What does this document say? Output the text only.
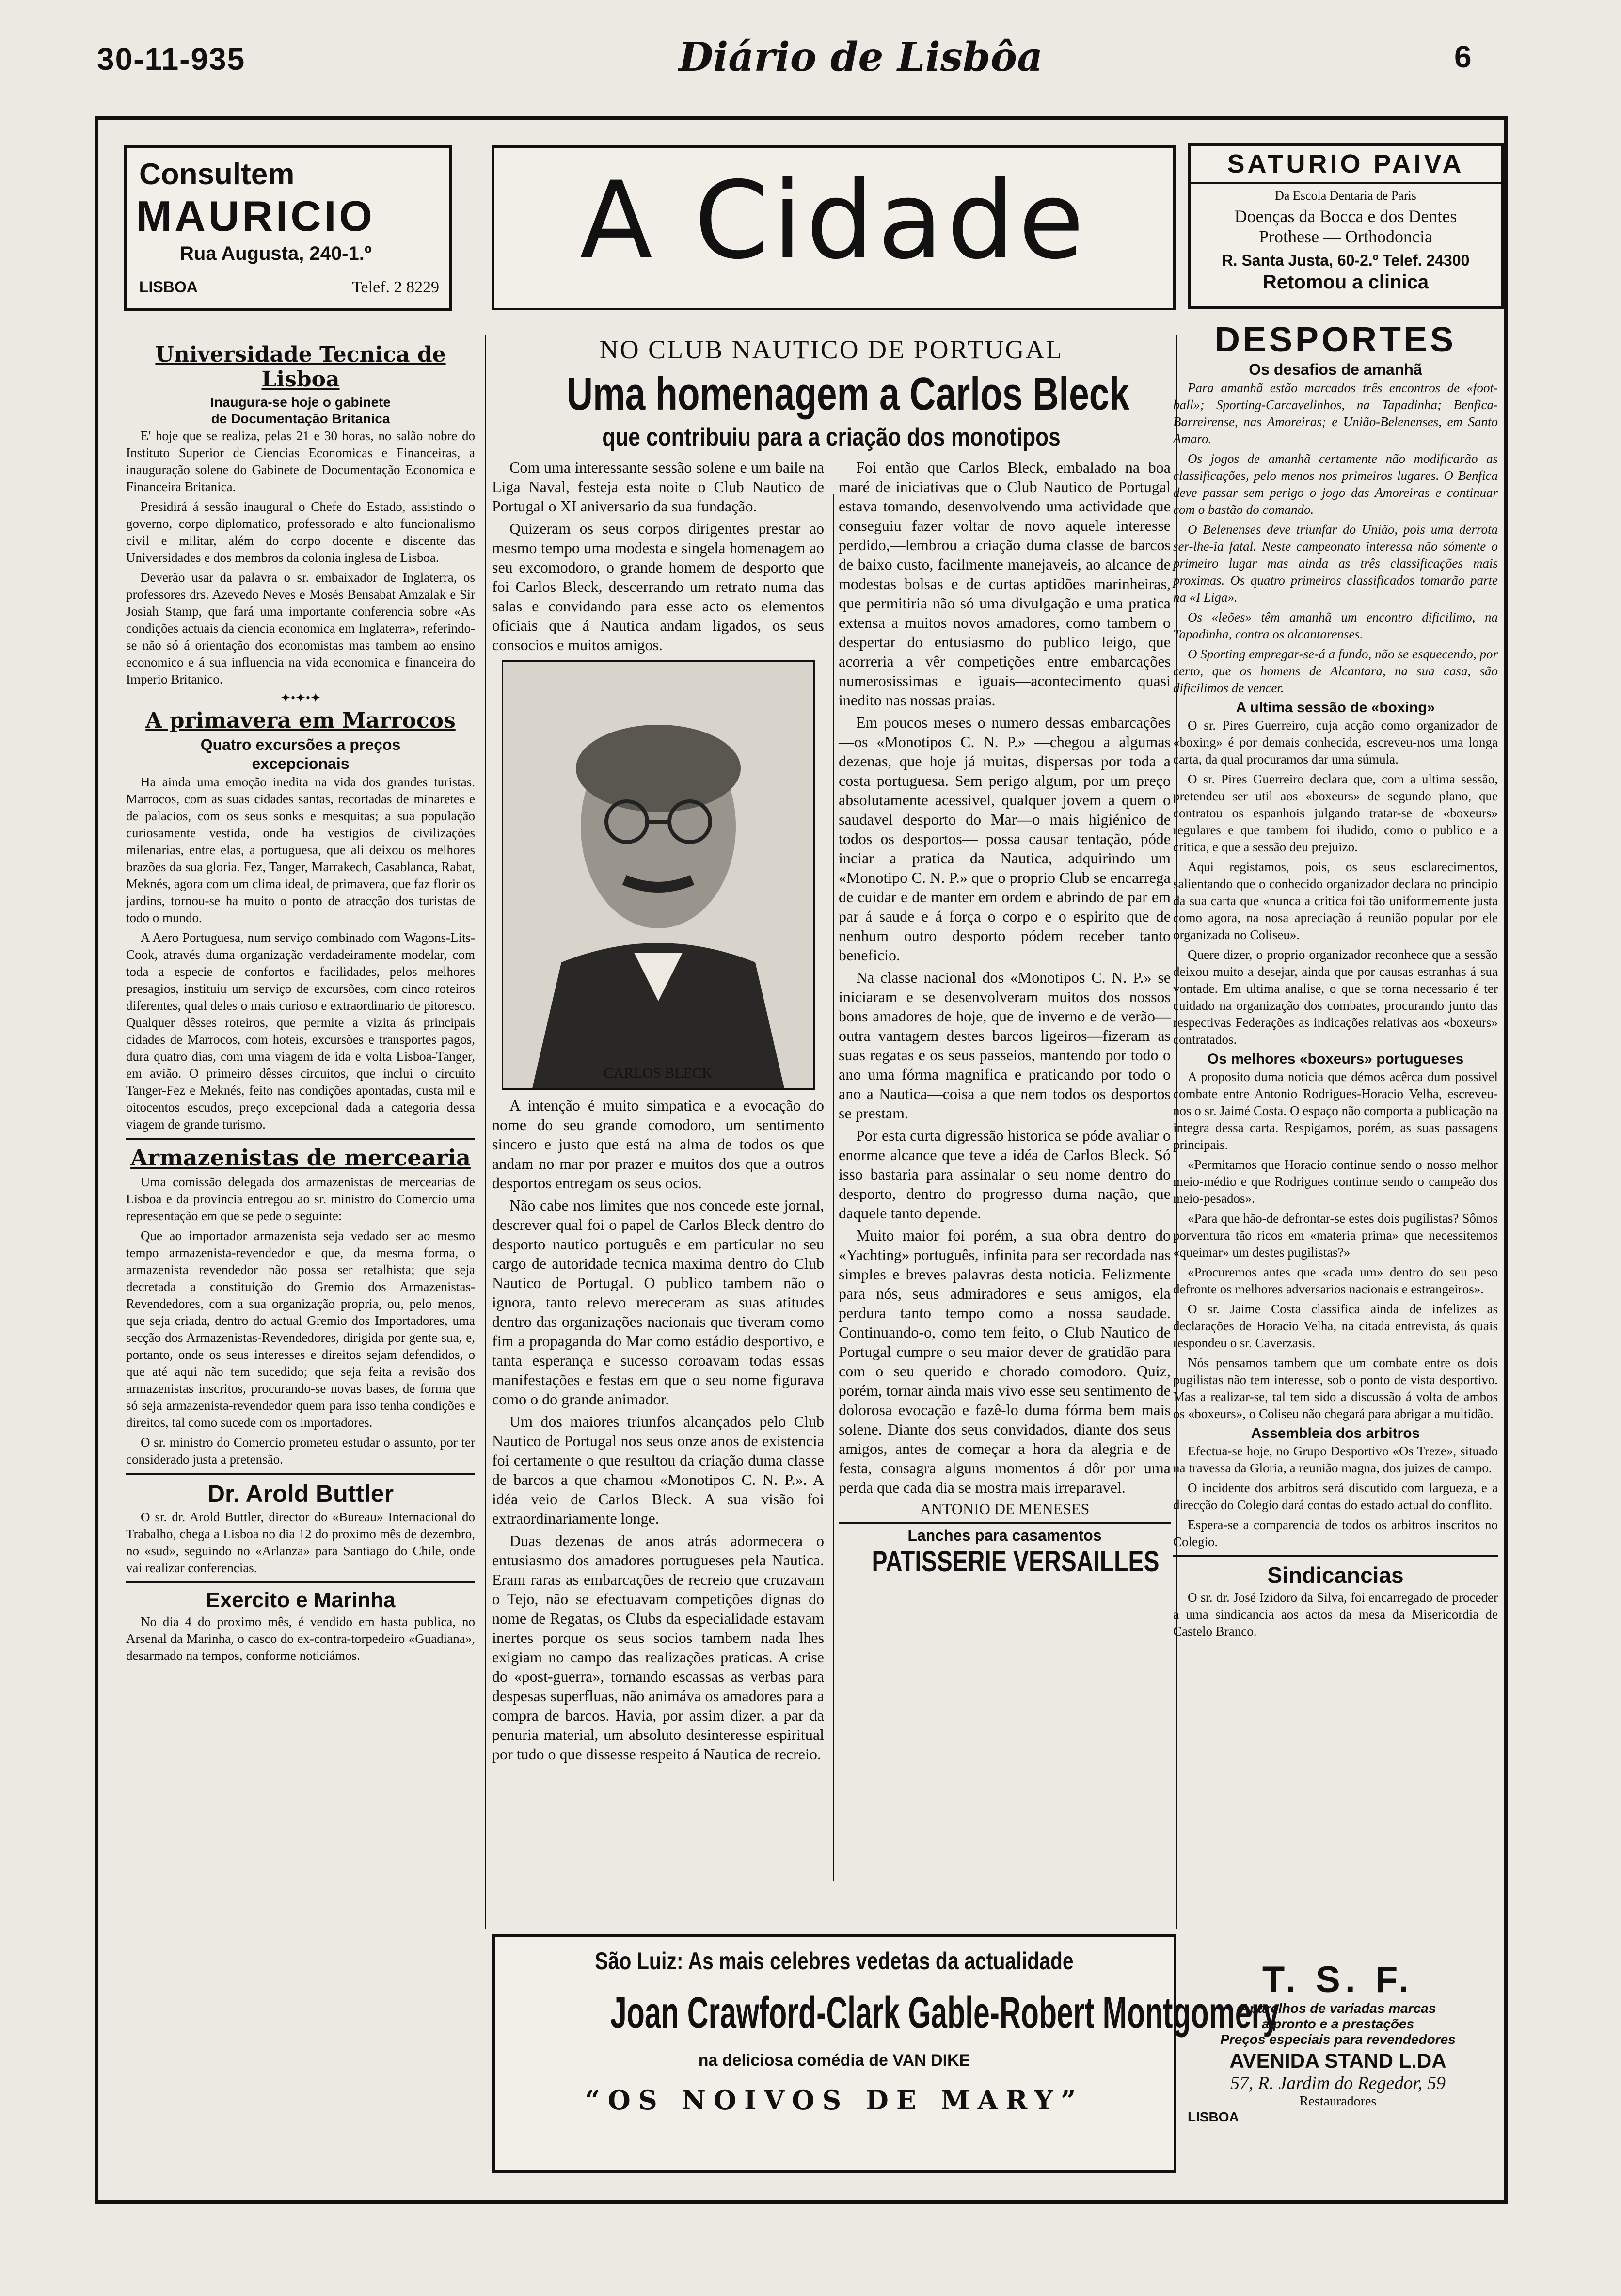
30-11-935	Diário de Lisbôa	6
Consultem
MAURICIO
Rua Augusta, 240-1.º
LISBOA	Telef. 2 8229
A Cidade	SATURIO PAIVA
Da Escola Dentaria de Paris
Doenças da Bocca e dos Dentes
Prothese — Orthodoncia
R. Santa Justa, 60-2.º Telef. 24300
Retomou a clinica
Universidade Tecnica de Lisboa
Inaugura-se hoje o gabinete
de Documentação Britanica

E' hoje que se realiza, pelas 21 e 30 horas, no salão nobre do Instituto Superior de Ciencias Economicas e Financeiras, a inauguração solene do Gabinete de Documentação Economica e Financeira Britanica.

Presidirá á sessão inaugural o Chefe do Estado, assistindo o governo, corpo diplomatico, professorado e alto funcionalismo civil e militar, além do corpo docente e discente das Universidades e dos membros da colonia inglesa de Lisboa.

Deverão usar da palavra o sr. embaixador de Inglaterra, os professores drs. Azevedo Neves e Mosés Bensabat Amzalak e Sir Josiah Stamp, que fará uma importante conferencia sobre «As condições actuais da ciencia economica em Inglaterra», referindo-se não só á orientação dos economistas mas tambem ao ensino economico e á sua influencia na vida economica e financeira do Imperio Britanico.

✦•✦•✦
A primavera em Marrocos
Quatro excursões a preços
excepcionais

Ha ainda uma emoção inedita na vida dos grandes turistas. Marrocos, com as suas cidades santas, recortadas de minaretes e de palacios, com os seus sonks e mesquitas; a sua população curiosamente vestida, onde ha vestigios de civilizações milenarias, entre elas, a portuguesa, que ali deixou os melhores brazões da sua gloria. Fez, Tanger, Marrakech, Casablanca, Rabat, Meknés, agora com um clima ideal, de primavera, que faz florir os jardins, tornou-se ha muito o ponto de atracção dos turistas de todo o mundo.

A Aero Portuguesa, num serviço combinado com Wagons-Lits-Cook, através duma organização verdadeiramente modelar, com toda a especie de confortos e facilidades, pelos melhores presagios, instituiu um serviço de excursões, com cinco roteiros diferentes, qual deles o mais curioso e extraordinario de pitoresco. Qualquer dêsses roteiros, que permite a vizita ás principais cidades de Marrocos, com hoteis, excursões e transportes pagos, dura quatro dias, com uma viagem de ida e volta Lisboa-Tanger, em avião. O primeiro dêsses circuitos, que inclui o circuito Tanger-Fez e Meknés, feito nas condições apontadas, custa mil e oitocentos escudos, preço excepcional dada a categoria dessa viagem de grande turismo.

Armazenistas de mercearia

Uma comissão delegada dos armazenistas de mercearias de Lisboa e da provincia entregou ao sr. ministro do Comercio uma representação em que se pede o seguinte:

Que ao importador armazenista seja vedado ser ao mesmo tempo armazenista-revendedor e que, da mesma forma, o armazenista revendedor não possa ser retalhista; que seja decretada a constituição do Gremio dos Armazenistas-Revendedores, com a sua organização propria, ou, pelo menos, que seja criada, dentro do actual Gremio dos Importadores, uma secção dos Armazenistas-Revendedores, dirigida por gente sua, e, portanto, onde os seus interesses e direitos sejam defendidos, o que até aqui não tem sucedido; que seja feita a revisão dos armazenistas inscritos, procurando-se novas bases, de forma que só seja armazenista-revendedor quem para isso tenha condições e direitos, tal como sucede com os importadores.

O sr. ministro do Comercio prometeu estudar o assunto, por ter considerado justa a pretensão.

Dr. Arold Buttler

O sr. dr. Arold Buttler, director do «Bureau» Internacional do Trabalho, chega a Lisboa no dia 12 do proximo mês de dezembro, no «sud», seguindo no «Arlanza» para Santiago do Chile, onde vai realizar conferencias.

Exercito e Marinha

No dia 4 do proximo mês, é vendido em hasta publica, no Arsenal da Marinha, o casco do ex-contra-torpedeiro «Guadiana», desarmado na tempos, conforme noticiámos.

NO CLUB NAUTICO DE PORTUGAL
Uma homenagem a Carlos Bleck
que contribuiu para a criação dos monotipos

Com uma interessante sessão solene e um baile na Liga Naval, festeja esta noite o Club Nautico de Portugal o XI aniversario da sua fundação.

Quizeram os seus corpos dirigentes prestar ao mesmo tempo uma modesta e singela homenagem ao seu excomodoro, o grande homem de desporto que foi Carlos Bleck, descerrando um retrato numa das salas e convidando para esse acto os elementos oficiais que á Nautica andam ligados, os seus consocios e muitos amigos.

CARLOS BLECK

A intenção é muito simpatica e a evocação do nome do seu grande comodoro, um sentimento sincero e justo que está na alma de todos os que andam no mar por prazer e muitos dos que a outros desportos entregam os seus ocios.

Não cabe nos limites que nos concede este jornal, descrever qual foi o papel de Carlos Bleck dentro do desporto nautico português e em particular no seu cargo de autoridade tecnica maxima dentro do Club Nautico de Portugal. O publico tambem não o ignora, tanto relevo mereceram as suas atitudes dentro das organizações nacionais que tiveram como fim a propaganda do Mar como estádio desportivo, e tanta esperança e sucesso coroavam todas essas manifestações e festas em que o seu nome figurava como o do grande animador.

Um dos maiores triunfos alcançados pelo Club Nautico de Portugal nos seus onze anos de existencia foi certamente o que resultou da criação duma classe de barcos a que chamou «Monotipos C. N. P.». A idéa veio de Carlos Bleck. A sua visão foi extraordinariamente longe.

Duas dezenas de anos atrás adormecera o entusiasmo dos amadores portugueses pela Nautica. Eram raras as embarcações de recreio que cruzavam o Tejo, não se efectuavam competições dignas do nome de Regatas, os Clubs da especialidade estavam inertes porque os seus socios tambem nada lhes exigiam no campo das realizações praticas. A crise do «post-guerra», tornando escassas as verbas para despesas superfluas, não animáva os amadores para a compra de barcos. Havia, por assim dizer, a par da penuria material, um absoluto desinteresse espiritual por tudo o que dissesse respeito á Nautica de recreio.

Foi então que Carlos Bleck, embalado na boa maré de iniciativas que o Club Nautico de Portugal estava tomando, desenvolvendo uma actividade que conseguiu fazer voltar de novo aquele interesse perdido,—lembrou a criação duma classe de barcos de baixo custo, facilmente manejaveis, ao alcance de modestas bolsas e de curtas aptidões marinheiras, que permitiria não só uma divulgação e uma pratica extensa a muitos novos amadores, como tambem o despertar do entusiasmo do publico leigo, que acorreria a vêr competições entre embarcações numerosissimas e iguais—acontecimento quasi inedito nas nossas praias.

Em poucos meses o numero dessas embarcações—os «Monotipos C. N. P.» —chegou a algumas dezenas, que hoje já muitas, dispersas por toda a costa portuguesa. Sem perigo algum, por um preço absolutamente acessivel, qualquer jovem a quem o saudavel desporto do Mar—o mais higiénico de todos os desportos— possa causar tentação, póde inciar a pratica da Nautica, adquirindo um «Monotipo C. N. P.» que o proprio Club se encarrega de cuidar e de manter em ordem e abrindo de par em par á saude e á força o corpo e o espirito que de nenhum outro desporto pódem receber tanto beneficio.

Na classe nacional dos «Monotipos C. N. P.» se iniciaram e se desenvolveram muitos dos nossos bons amadores de hoje, que de inverno e de verão—outra vantagem destes barcos ligeiros—fizeram as suas regatas e os seus passeios, mantendo por todo o ano uma fórma magnifica e praticando por todo o ano a Nautica—coisa a que nem todos os desportos se prestam.

Por esta curta digressão historica se póde avaliar o enorme alcance que teve a idéa de Carlos Bleck. Só isso bastaria para assinalar o seu nome dentro do desporto, dentro do progresso duma nação, que daquele tanto depende.

Muito maior foi porém, a sua obra dentro do «Yachting» português, infinita para ser recordada nas simples e breves palavras desta noticia. Felizmente para nós, seus admiradores e seus amigos, ela perdura tanto tempo como a nossa saudade. Continuando-o, como tem feito, o Club Nautico de Portugal cumpre o seu maior dever de gratidão para com o seu querido e chorado comodoro. Quiz, porém, tornar ainda mais vivo esse seu sentimento de dolorosa evocação e fazê-lo duma fórma bem mais solene. Diante dos seus convidados, diante dos seus amigos, antes de começar a hora da alegria e de festa, consagra alguns momentos á dôr por uma perda que cada dia se mostra mais irreparavel.

ANTONIO DE MENESES
Lanches para casamentos
PATISSERIE VERSAILLES
DESPORTES
Os desafios de amanhã

Para amanhã estão marcados três encontros de «foot-ball»; Sporting-Carcavelinhos, na Tapadinha; Benfica-Barreirense, nas Amoreiras; e União-Belenenses, em Santo Amaro.

Os jogos de amanhã certamente não modificarão as classificações, pelo menos nos primeiros lugares. O Benfica deve passar sem perigo o jogo das Amoreiras e continuar com o bastão do comando.

O Belenenses deve triunfar do União, pois uma derrota ser-lhe-ia fatal. Neste campeonato interessa não sómente o primeiro lugar mas ainda as três classificações mais proximas. Os quatro primeiros classificados tomarão parte na «I Liga».

Os «leões» têm amanhã um encontro dificilimo, na Tapadinha, contra os alcantarenses.

O Sporting empregar-se-á a fundo, não se esquecendo, por certo, que os homens de Alcantara, na sua casa, são dificilimos de vencer.

A ultima sessão de «boxing»

O sr. Pires Guerreiro, cuja acção como organizador de «boxing» é por demais conhecida, escreveu-nos uma longa carta, da qual procuramos dar uma súmula.

O sr. Pires Guerreiro declara que, com a ultima sessão, pretendeu ser util aos «boxeurs» de segundo plano, que contratou os espanhois julgando tratar-se de «boxeurs» regulares e que tambem foi iludido, como o publico e a critica, e que a sessão deu prejuizo.

Aqui registamos, pois, os seus esclarecimentos, salientando que o conhecido organizador declara no principio da sua carta que «nunca a critica foi tão uniformemente justa como agora, na nosa apreciação á reunião popular por ele organizada no Coliseu».

Quere dizer, o proprio organizador reconhece que a sessão deixou muito a desejar, ainda que por causas estranhas á sua vontade. Em ultima analise, o que se torna necessario é ter cuidado na organização dos combates, procurando junto das respectivas Federações as indicações relativas aos «boxeurs» contratados.

Os melhores «boxeurs» portugueses

A proposito duma noticia que démos acêrca dum possivel combate entre Antonio Rodrigues-Horacio Velha, escreveu-nos o sr. Jaimé Costa. O espaço não comporta a publicação na integra dessa carta. Respigamos, porém, as suas passagens principais.

«Permitamos que Horacio continue sendo o nosso melhor meio-médio e que Rodrigues continue sendo o campeão dos meio-pesados».

«Para que hão-de defrontar-se estes dois pugilistas? Sômos porventura tão ricos em «materia prima» que necessitemos «queimar» um destes pugilistas?»

«Procuremos antes que «cada um» dentro do seu peso defronte os melhores adversarios nacionais e estrangeiros».

O sr. Jaime Costa classifica ainda de infelizes as declarações de Horacio Velha, na citada entrevista, ás quais respondeu o sr. Caverzasis.

Nós pensamos tambem que um combate entre os dois pugilistas não tem interesse, sob o ponto de vista desportivo. Mas a realizar-se, tal tem sido a discussão á volta de ambos os «boxeurs», o Coliseu não chegará para abrigar a multidão.

Assembleia dos arbitros

Efectua-se hoje, no Grupo Desportivo «Os Treze», situado na travessa da Gloria, a reunião magna, dos juizes de campo.

O incidente dos arbitros será discutido com largueza, e a direcção do Colegio dará contas do estado actual do conflito.

Espera-se a comparencia de todos os arbitros inscritos no Colegio.

Sindicancias

O sr. dr. José Izidoro da Silva, foi encarregado de proceder a uma sindicancia aos actos da mesa da Misericordia de Castelo Branco.

São Luiz: As mais celebres vedetas da actualidade
Joan Crawford-Clark Gable-Robert Montgomery
na deliciosa comédia de VAN DIKE
“OS NOIVOS DE MARY”
T. S. F.
Aparelhos de variadas marcas
a pronto e a prestações
Preços especiais para revendedores
AVENIDA STAND L.DA
57, R. Jardim do Regedor, 59
Restauradores
LISBOA
